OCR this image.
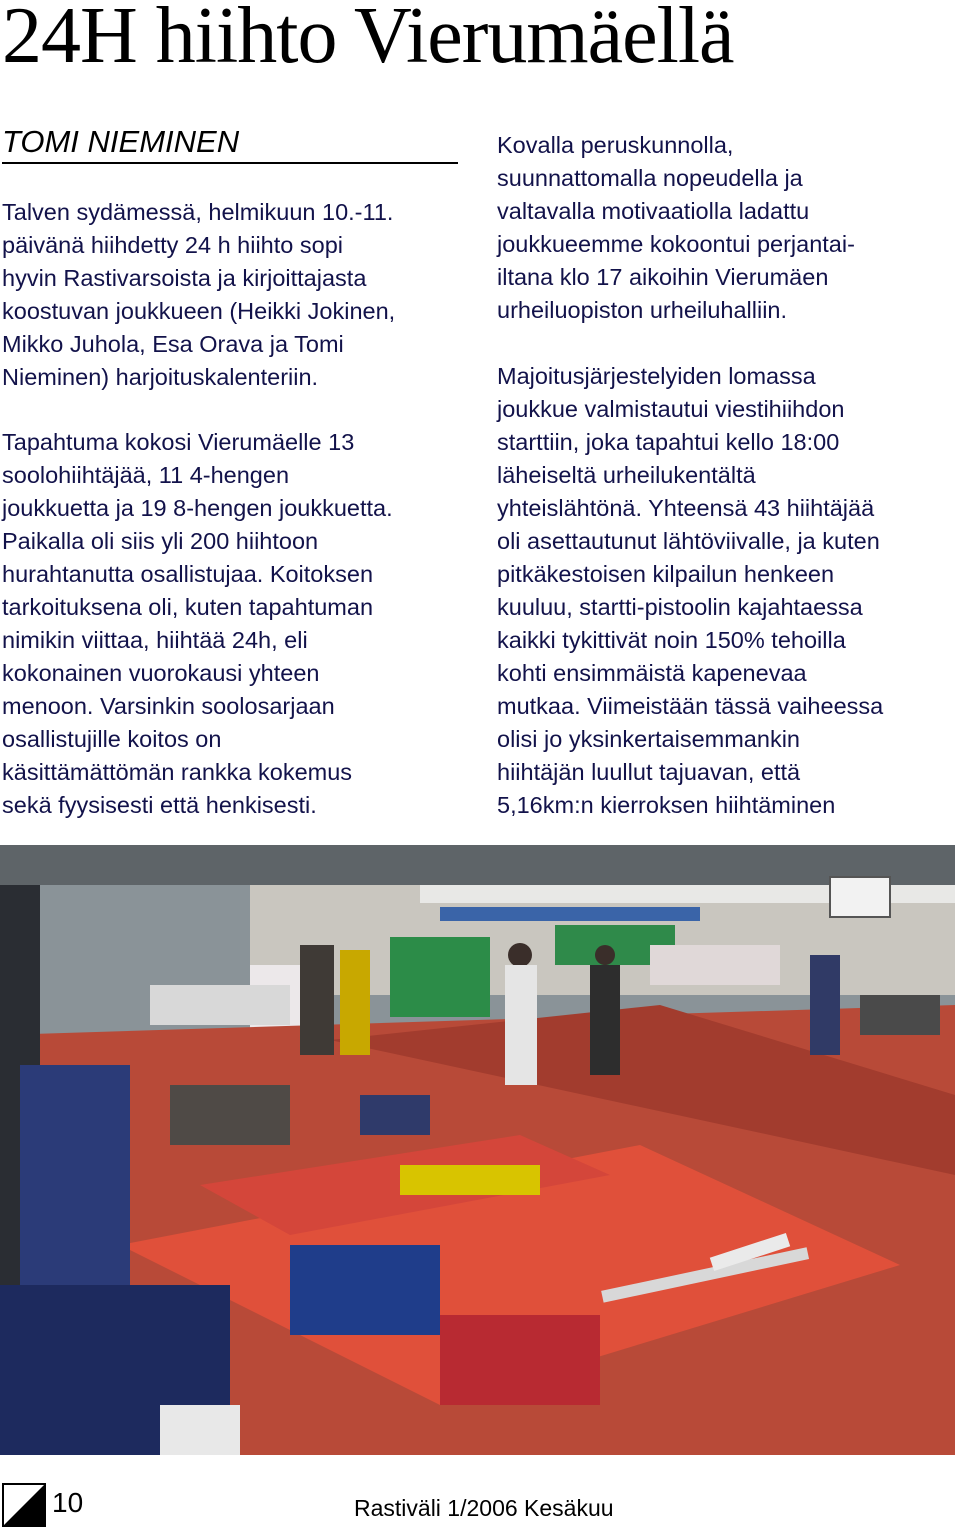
24H hiihto Vierumäellä
TOMI NIEMINEN

Talven sydämessä, helmikuun 10.-11.
päivänä hiihdetty 24 h hiihto sopi
hyvin Rastivarsoista ja kirjoittajasta
koostuvan joukkueen (Heikki Jokinen,
Mikko Juhola, Esa Orava ja Tomi
Nieminen) harjoituskalenteriin.

Tapahtuma kokosi Vierumäelle 13
soolohiihtäjää, 11 4-hengen
joukkuetta ja 19 8-hengen joukkuetta.
Paikalla oli siis yli 200 hiihtoon
hurahtanutta osallistujaa. Koitoksen
tarkoituksena oli, kuten tapahtuman
nimikin viittaa, hiihtää 24h, eli
kokonainen vuorokausi yhteen
menoon. Varsinkin soolosarjaan
osallistujille koitos on
käsittämättömän rankka kokemus
sekä fyysisesti että henkisesti.

Kovalla peruskunnolla,
suunnattomalla nopeudella ja
valtavalla motivaatiolla ladattu
joukkueemme kokoontui perjantai-
iltana klo 17 aikoihin Vierumäen
urheiluopiston urheiluhalliin.

Majoitusjärjestelyiden lomassa
joukkue valmistautui viestihiihdon
starttiin, joka tapahtui kello 18:00
läheiseltä urheilukentältä
yhteislähtönä. Yhteensä 43 hiihtäjää
oli asettautunut lähtöviivalle, ja kuten
pitkäkestoisen kilpailun henkeen
kuuluu, startti-pistoolin kajahtaessa
kaikki tykittivät noin 150% tehoilla
kohti ensimmäistä kapenevaa
mutkaa. Viimeistään tässä vaiheessa
olisi jo yksinkertaisemmankin
hiihtäjän luullut tajuavan, että
5,16km:n kierroksen hiihtäminen

10	Rastiväli 1/2006 Kesäkuu
